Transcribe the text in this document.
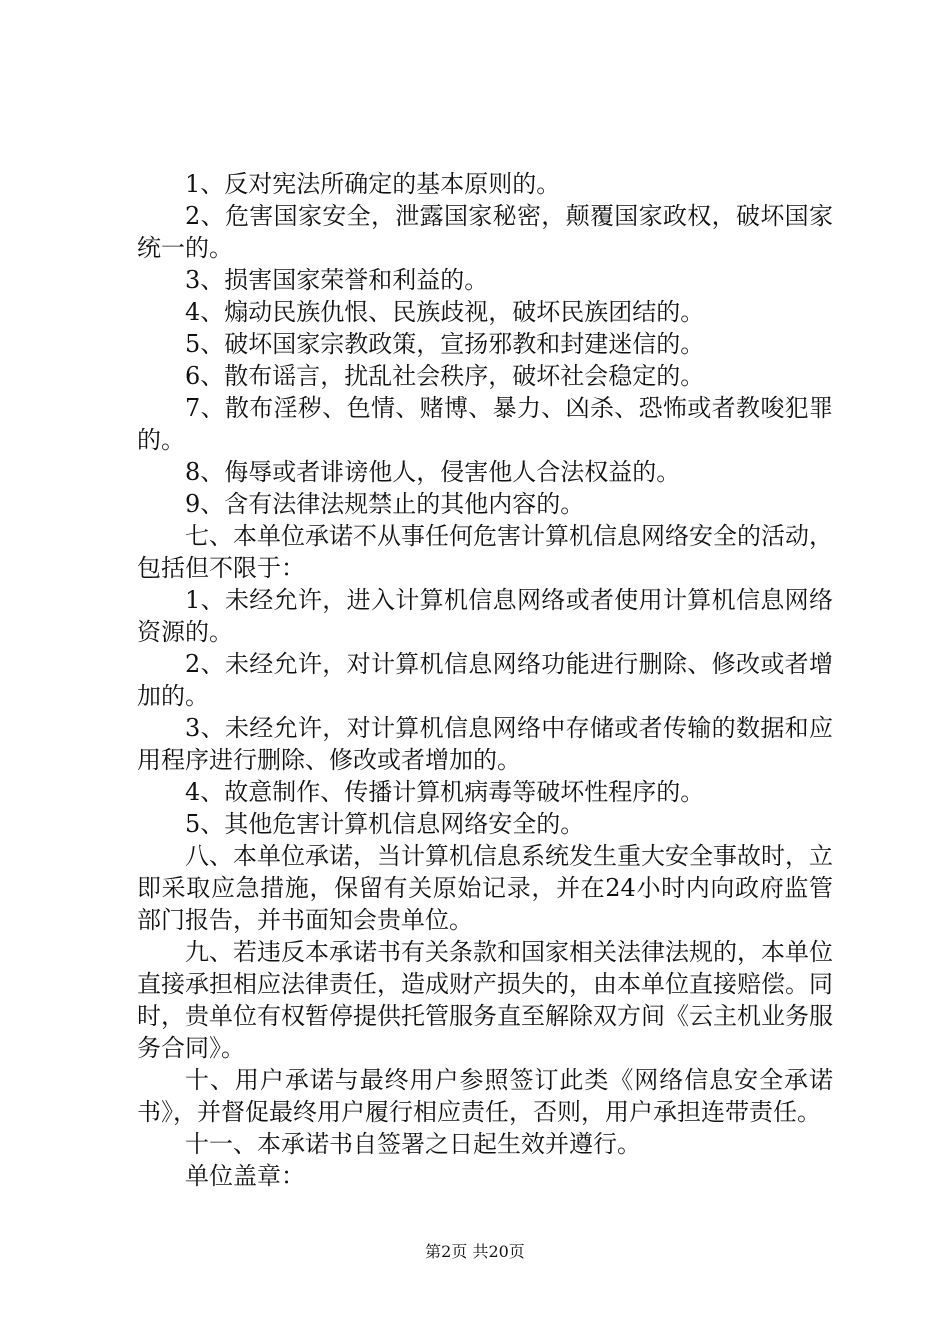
1、反对宪法所确定的基本原则的。

2、危害国家安全，泄露国家秘密，颠覆国家政权，破坏国家统一的。

3、损害国家荣誉和利益的。

4、煽动民族仇恨、民族歧视，破坏民族团结的。

5、破坏国家宗教政策，宣扬邪教和封建迷信的。

6、散布谣言，扰乱社会秩序，破坏社会稳定的。

7、散布淫秽、色情、赌博、暴力、凶杀、恐怖或者教唆犯罪的。

8、侮辱或者诽谤他人，侵害他人合法权益的。

9、含有法律法规禁止的其他内容的。

七、本单位承诺不从事任何危害计算机信息网络安全的活动，包括但不限于：

1、未经允许，进入计算机信息网络或者使用计算机信息网络资源的。

2、未经允许，对计算机信息网络功能进行删除、修改或者增加的。

3、未经允许，对计算机信息网络中存储或者传输的数据和应用程序进行删除、修改或者增加的。

4、故意制作、传播计算机病毒等破坏性程序的。

5、其他危害计算机信息网络安全的。

八、本单位承诺，当计算机信息系统发生重大安全事故时，立即采取应急措施，保留有关原始记录，并在24小时内向政府监管部门报告，并书面知会贵单位。

九、若违反本承诺书有关条款和国家相关法律法规的，本单位直接承担相应法律责任，造成财产损失的，由本单位直接赔偿。同时，贵单位有权暂停提供托管服务直至解除双方间《云主机业务服务合同》。

十、用户承诺与最终用户参照签订此类《网络信息安全承诺书》，并督促最终用户履行相应责任，否则，用户承担连带责任。

十一、本承诺书自签署之日起生效并遵行。

单位盖章：

第2页 共20页
